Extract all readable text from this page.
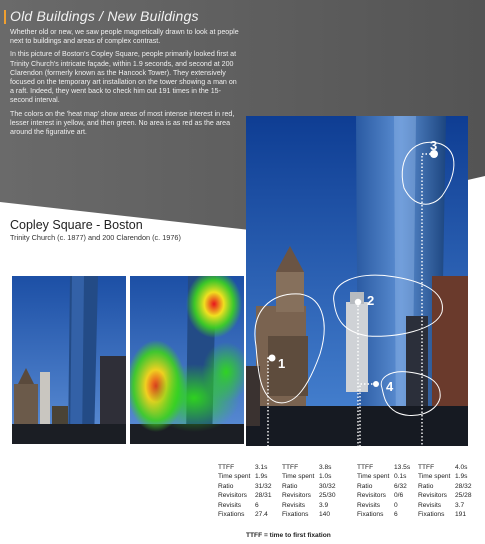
Old Buildings / New Buildings

Whether old or new, we saw people magnetically drawn to look at people next to buildings and areas of complex contrast.

In this picture of Boston's Copley Square, people primarily looked first at Trinity Church's intricate façade, within 1.9 seconds, and second at 200 Clarendon (formerly known as the Hancock Tower). They extensively focused on the temporary art installation on the tower showing a man on a raft. Indeed, they went back to check him out 191 times in the 15-second interval.

The colors on the 'heat map' show areas of most intense interest in red, lesser interest in yellow, and then green. No area is as red as the area around the figurative art.

Copley Square - Boston

Trinity Church (c. 1877) and 200 Clarendon (c. 1976)

3
2
1
4
TTFF	3.1s
Time spent	1.9s
Ratio	31/32
Revisitors	28/31
Revisits	6
Fixations	27.4
TTFF	3.8s
Time spent	1.0s
Ratio	30/32
Revisitors	25/30
Revisits	3.9
Fixations	140
TTFF	13.5s
Time spent	0.1s
Ratio	6/32
Revisitors	0/6
Revisits	0
Fixations	6
TTFF	4.0s
Time spent	1.9s
Ratio	28/32
Revisitors	25/28
Revisits	3.7
Fixations	191
TTFF = time to first fixation
